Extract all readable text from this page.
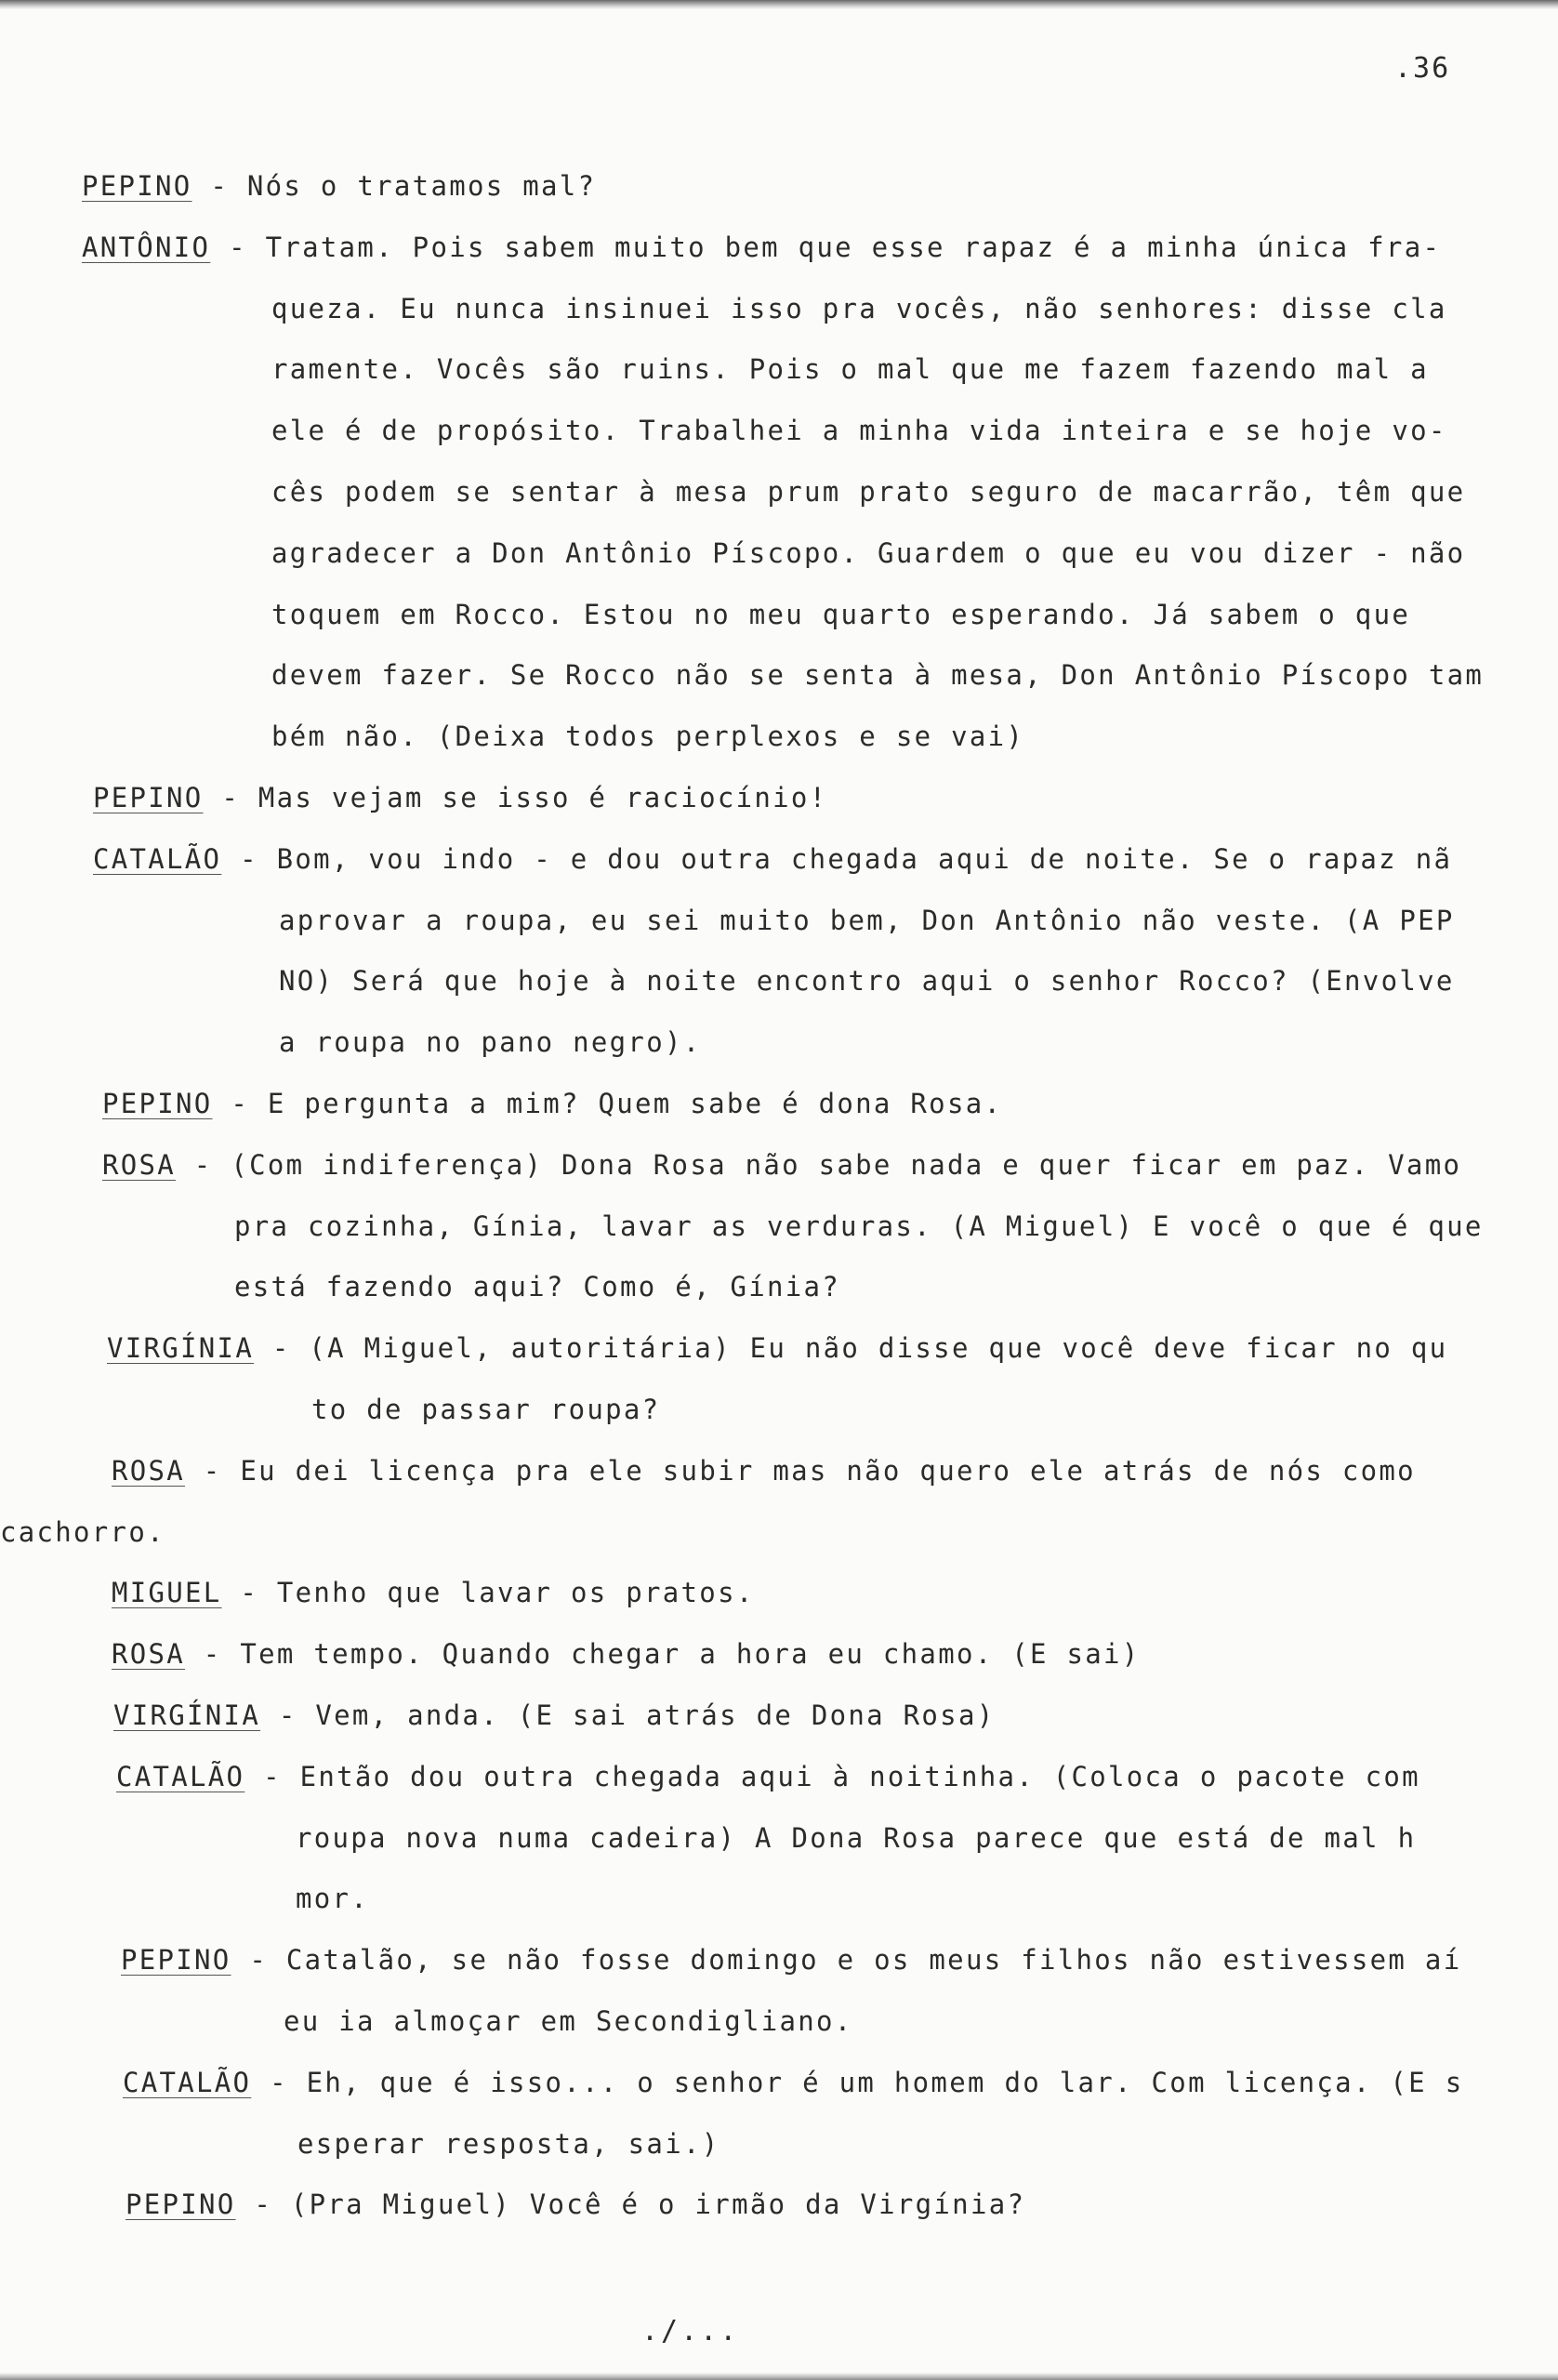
.36

PEPINO - Nós o tratamos mal?

ANTÔNIO - Tratam. Pois sabem muito bem que esse rapaz é a minha única fra-

queza. Eu nunca insinuei isso pra vocês, não senhores: disse cla

ramente. Vocês são ruins. Pois o mal que me fazem fazendo mal a

ele é de propósito. Trabalhei a minha vida inteira e se hoje vo-

cês podem se sentar à mesa prum prato seguro de macarrão, têm que

agradecer a Don Antônio Píscopo. Guardem o que eu vou dizer - não

toquem em Rocco. Estou no meu quarto esperando. Já sabem o que

devem fazer. Se Rocco não se senta à mesa, Don Antônio Píscopo tam

bém não. (Deixa todos perplexos e se vai)

PEPINO - Mas vejam se isso é raciocínio!

CATALÃO - Bom, vou indo - e dou outra chegada aqui de noite. Se o rapaz nã

aprovar a roupa, eu sei muito bem, Don Antônio não veste. (A PEP

NO) Será que hoje à noite encontro aqui o senhor Rocco? (Envolve

a roupa no pano negro).

PEPINO - E pergunta a mim? Quem sabe é dona Rosa.

ROSA - (Com indiferença) Dona Rosa não sabe nada e quer ficar em paz. Vamo

pra cozinha, Gínia, lavar as verduras. (A Miguel) E você o que é que

está fazendo aqui? Como é, Gínia?

VIRGÍNIA - (A Miguel, autoritária) Eu não disse que você deve ficar no qu

to de passar roupa?

ROSA - Eu dei licença pra ele subir mas não quero ele atrás de nós como

cachorro.

MIGUEL - Tenho que lavar os pratos.

ROSA - Tem tempo. Quando chegar a hora eu chamo. (E sai)

VIRGÍNIA - Vem, anda. (E sai atrás de Dona Rosa)

CATALÃO - Então dou outra chegada aqui à noitinha. (Coloca o pacote com

roupa nova numa cadeira) A Dona Rosa parece que está de mal h

mor.

PEPINO - Catalão, se não fosse domingo e os meus filhos não estivessem aí

eu ia almoçar em Secondigliano.

CATALÃO - Eh, que é isso... o senhor é um homem do lar. Com licença. (E s

esperar resposta, sai.)

PEPINO - (Pra Miguel) Você é o irmão da Virgínia?

./...
